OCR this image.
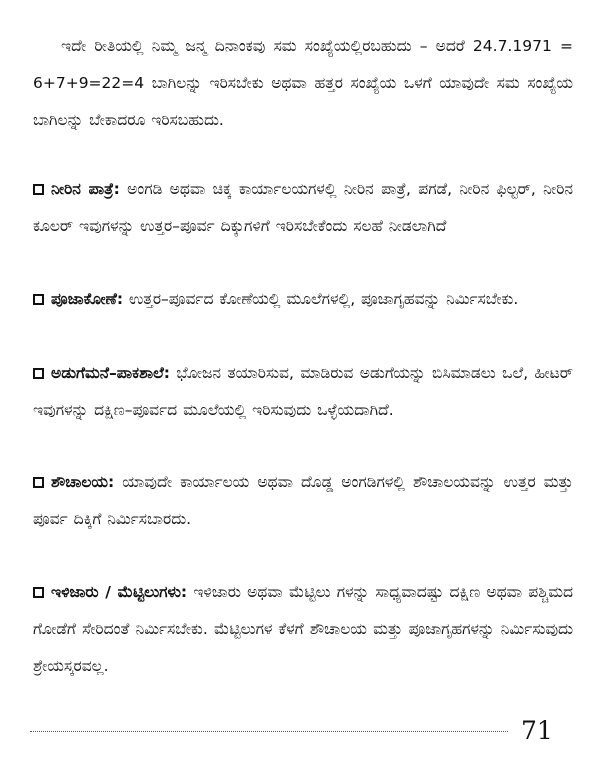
ಇದೇ ರೀತಿಯಲ್ಲಿ ನಿಮ್ಮ ಜನ್ಮ ದಿನಾಂಕವು ಸಮ ಸಂಖ್ಯೆಯಲ್ಲಿರಬಹುದು – ಅದರೆ 24.7.1971 = 6+7+9=22=4 ಬಾಗಿಲನ್ನು ಇರಿಸಬೇಕು ಅಥವಾ ಹತ್ತರ ಸಂಖ್ಯೆಯ ಒಳಗೆ ಯಾವುದೇ ಸಮ ಸಂಖ್ಯೆಯ ಬಾಗಿಲನ್ನು ಬೇಕಾದರೂ ಇರಿಸಬಹುದು.

ನೀರಿನ ಪಾತ್ರೆ: ಅಂಗಡಿ ಅಥವಾ ಚಿಕ್ಕ ಕಾರ್ಯಾಲಯಗಳಲ್ಲಿ ನೀರಿನ ಪಾತ್ರೆ, ಪಗಡೆ, ನೀರಿನ ಫಿಲ್ಟರ್, ನೀರಿನ ಕೂಲರ್ ಇವುಗಳನ್ನು ಉತ್ತರ–ಪೂರ್ವ ದಿಕ್ಕುಗಳಿಗೆ ಇರಿಸಬೇಕೆಂದು ಸಲಹೆ ನೀಡಲಾಗಿದೆ

ಪೂಜಾಕೋಣೆ: ಉತ್ತರ–ಪೂರ್ವದ ಕೋಣೆಯಲ್ಲಿ ಮೂಲೆಗಳಲ್ಲಿ, ಪೂಜಾಗೃಹವನ್ನು ನಿರ್ಮಿಸಬೇಕು.

ಅಡುಗೆಮನೆ–ಪಾಕಶಾಲೆ: ಭೋಜನ ತಯಾರಿಸುವ, ಮಾಡಿರುವ ಅಡುಗೆಯನ್ನು ಬಿಸಿಮಾಡಲು ಒಲೆ, ಹೀಟರ್ ಇವುಗಳನ್ನು ದಕ್ಷಿಣ–ಪೂರ್ವದ ಮೂಲೆಯಲ್ಲಿ ಇರಿಸುವುದು ಒಳ್ಳೆಯದಾಗಿದೆ.

ಶೌಚಾಲಯ: ಯಾವುದೇ ಕಾರ್ಯಾಲಯ ಅಥವಾ ದೊಡ್ಡ ಅಂಗಡಿಗಳಲ್ಲಿ ಶೌಚಾಲಯವನ್ನು ಉತ್ತರ ಮತ್ತು ಪೂರ್ವ ದಿಕ್ಕಿಗೆ ನಿರ್ಮಿಸಬಾರದು.

ಇಳಿಜಾರು / ಮೆಟ್ಟಿಲುಗಳು: ಇಳಿಜಾರು ಅಥವಾ ಮೆಟ್ಟಿಲು ಗಳನ್ನು ಸಾಧ್ಯವಾದಷ್ಟು ದಕ್ಷಿಣ ಅಥವಾ ಪಶ್ಚಿಮದ ಗೋಡೆಗೆ ಸೇರಿದಂತೆ ನಿರ್ಮಿಸಬೇಕು. ಮೆಟ್ಟಿಲುಗಳ ಕೆಳಗೆ ಶೌಚಾಲಯ ಮತ್ತು ಪೂಜಾಗೃಹಗಳನ್ನು ನಿರ್ಮಿಸುವುದು ಶ್ರೇಯಸ್ಕರವಲ್ಲ.

71
